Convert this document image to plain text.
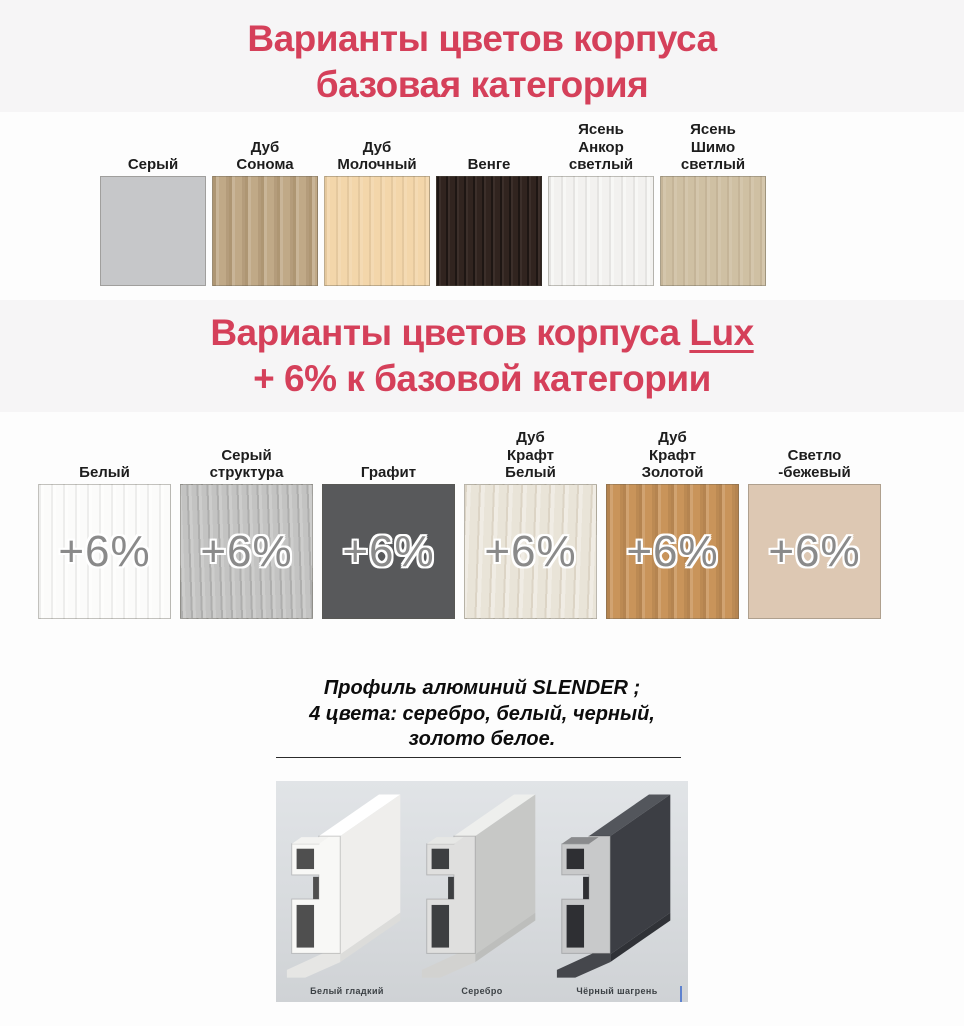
Варианты цветов корпуса
базовая категория
Серый
Дуб Сонома
Дуб Молочный	Венге
Ясень Анкор светлый
Ясень Шимо светлый
Варианты цветов корпуса Lux
+ 6% к базовой категории
Белый
+6%
Серый структура
+6%
Графит
+6%
Дуб Крафт Белый
+6%
Дуб Крафт Золотой
+6%
Светло -бежевый
+6%
Профиль алюминий SLENDER ;
4 цвета: серебро, белый, черный,
золото белое.
Белый гладкий	Серебро	Чёрный шагрень
